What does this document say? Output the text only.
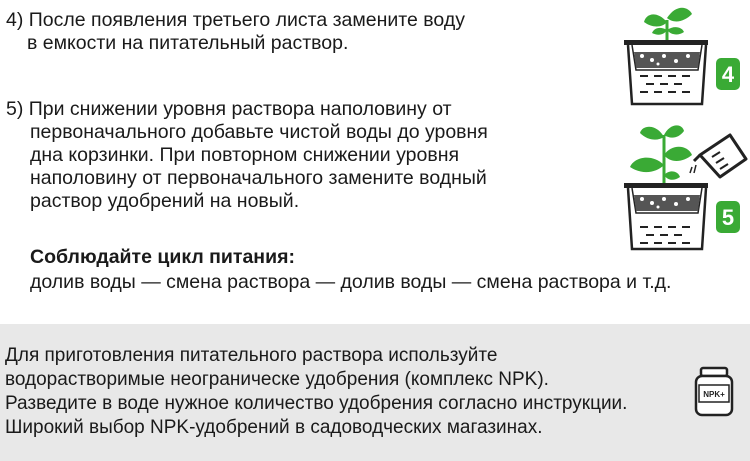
4) После появления третьего листа замените воду
в емкости на питательный раствор.
5) При снижении уровня раствора наполовину от
первоначального добавьте чистой воды до уровня
дна корзинки. При повторном снижении уровня
наполовину от первоначального замените водный
раствор удобрений на новый.
Соблюдайте цикл питания:
долив воды — смена раствора — долив воды — смена раствора и т.д.
4
5
Для приготовления питательного раствора используйте
водорастворимые неограническе удобрения (комплекс NPK).
Разведите в воде нужное количество удобрения согласно инструкции.
Широкий выбор NPK-удобрений в садоводческих магазинах.
NPK+
